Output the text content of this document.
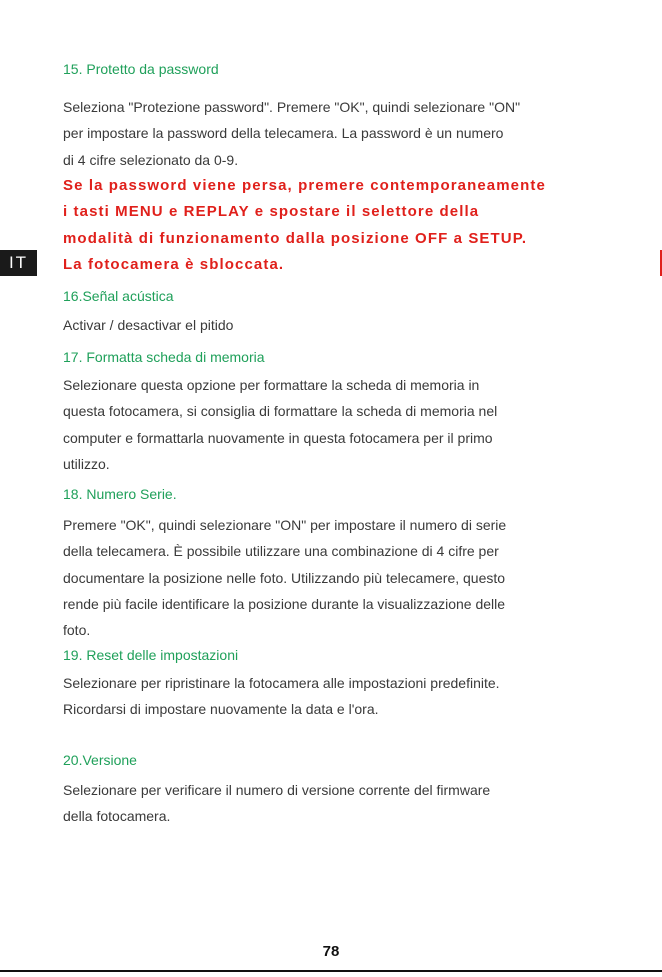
IT
15. Protetto da password
Seleziona "Protezione password". Premere "OK", quindi selezionare "ON"
per impostare la password della telecamera. La password è un numero
di 4 cifre selezionato da 0-9.
Se la password viene persa, premere contemporaneamente
i tasti MENU e REPLAY e spostare il selettore della
modalità di funzionamento dalla posizione OFF a SETUP.
La fotocamera è sbloccata.
16.Señal acústica
Activar / desactivar el pitido
17. Formatta scheda di memoria
Selezionare questa opzione per formattare la scheda di memoria in
questa fotocamera, si consiglia di formattare la scheda di memoria nel
computer e formattarla nuovamente in questa fotocamera per il primo
utilizzo.
18. Numero Serie.
Premere "OK", quindi selezionare "ON" per impostare il numero di serie
della telecamera. È possibile utilizzare una combinazione di 4 cifre per
documentare la posizione nelle foto. Utilizzando più telecamere, questo
rende più facile identificare la posizione durante la visualizzazione delle
foto.
19. Reset delle impostazioni
Selezionare per ripristinare la fotocamera alle impostazioni predefinite.
Ricordarsi di impostare nuovamente la data e l'ora.
20.Versione
Selezionare per verificare il numero di versione corrente del firmware
della fotocamera.
78
